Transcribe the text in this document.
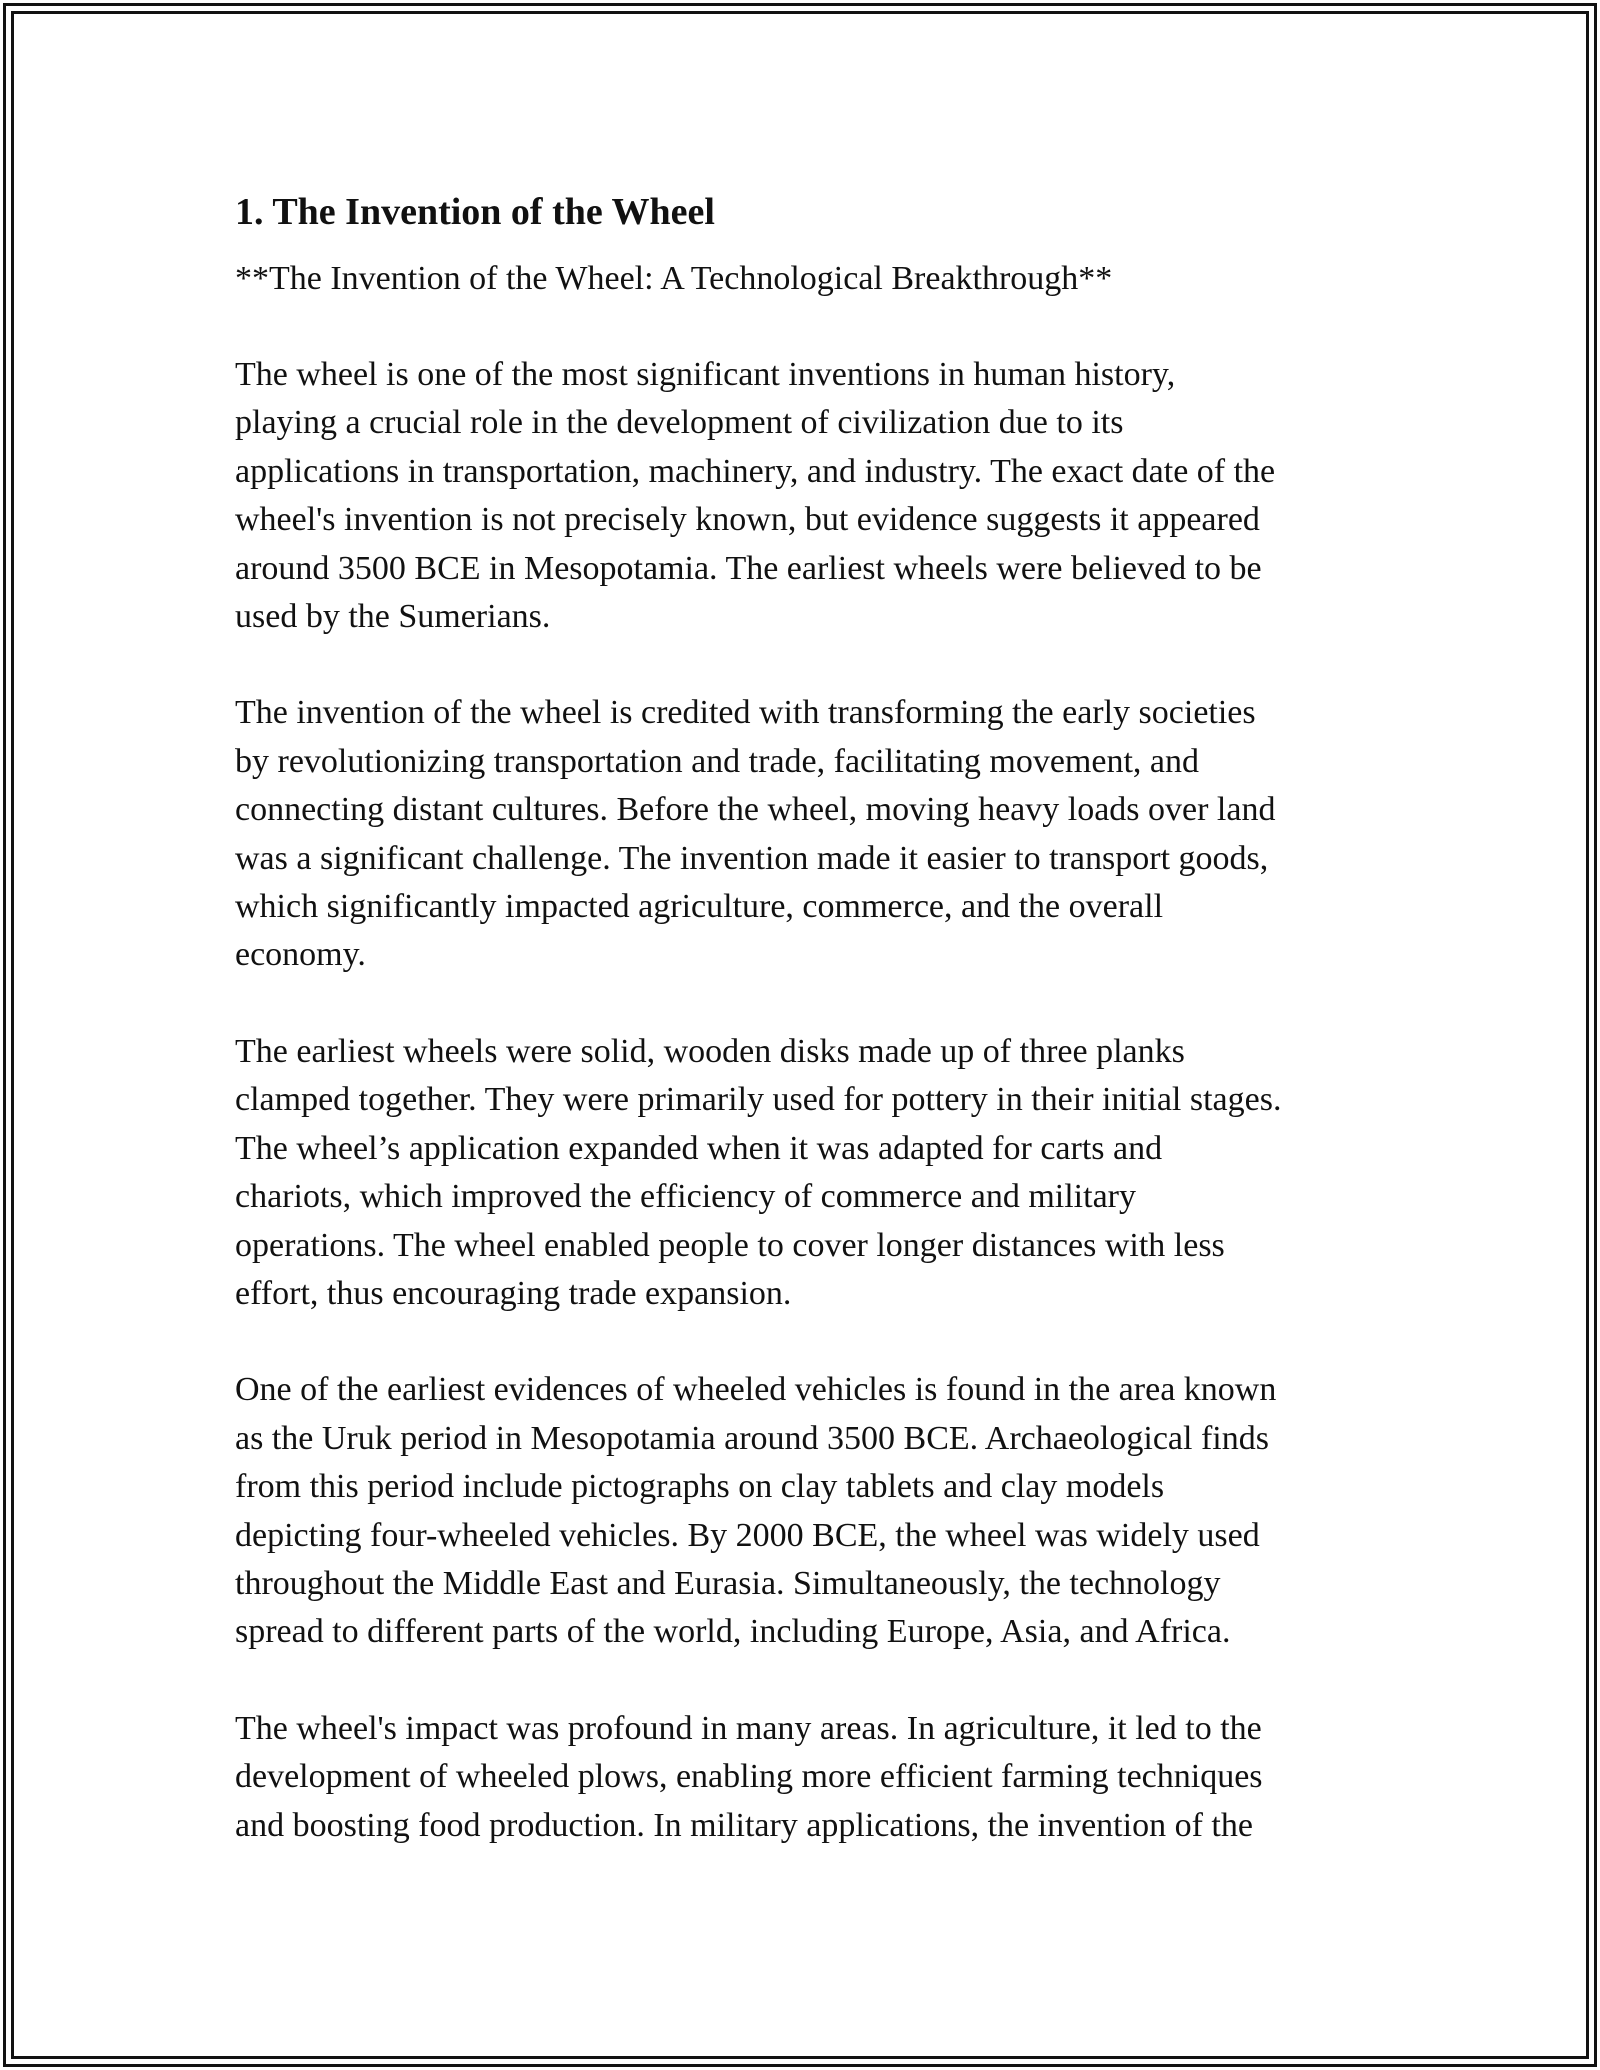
1. The Invention of the Wheel

**The Invention of the Wheel: A Technological Breakthrough**

The wheel is one of the most significant inventions in human history,
playing a crucial role in the development of civilization due to its
applications in transportation, machinery, and industry. The exact date of the
wheel's invention is not precisely known, but evidence suggests it appeared
around 3500 BCE in Mesopotamia. The earliest wheels were believed to be
used by the Sumerians.

The invention of the wheel is credited with transforming the early societies
by revolutionizing transportation and trade, facilitating movement, and
connecting distant cultures. Before the wheel, moving heavy loads over land
was a significant challenge. The invention made it easier to transport goods,
which significantly impacted agriculture, commerce, and the overall
economy.

The earliest wheels were solid, wooden disks made up of three planks
clamped together. They were primarily used for pottery in their initial stages.
The wheel’s application expanded when it was adapted for carts and
chariots, which improved the efficiency of commerce and military
operations. The wheel enabled people to cover longer distances with less
effort, thus encouraging trade expansion.

One of the earliest evidences of wheeled vehicles is found in the area known
as the Uruk period in Mesopotamia around 3500 BCE. Archaeological finds
from this period include pictographs on clay tablets and clay models
depicting four-wheeled vehicles. By 2000 BCE, the wheel was widely used
throughout the Middle East and Eurasia. Simultaneously, the technology
spread to different parts of the world, including Europe, Asia, and Africa.

The wheel's impact was profound in many areas. In agriculture, it led to the
development of wheeled plows, enabling more efficient farming techniques
and boosting food production. In military applications, the invention of the
